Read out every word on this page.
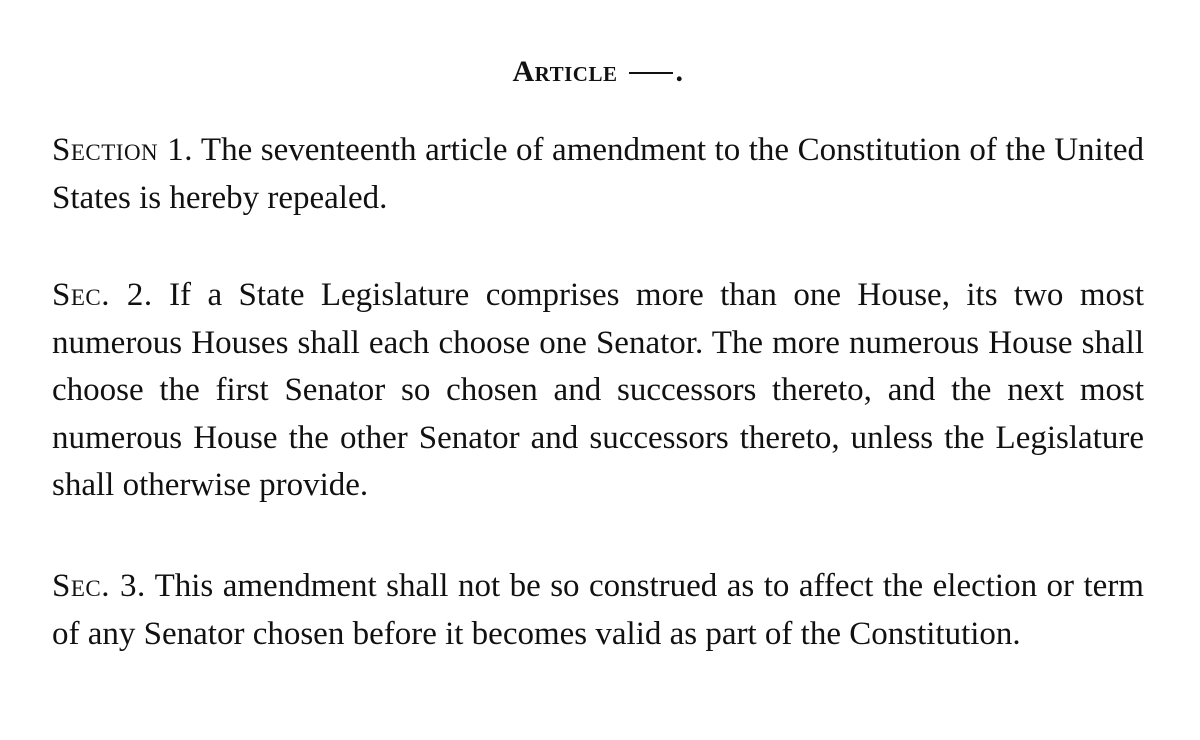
Article .

Section 1. The seventeenth article of amendment to the Constitution of the United States is hereby repealed.

Sec. 2. If a State Legislature comprises more than one House, its two most numerous Houses shall each choose one Senator. The more numerous House shall choose the first Senator so chosen and successors thereto, and the next most numerous House the other Senator and successors thereto, unless the Legislature shall otherwise provide.

Sec. 3. This amendment shall not be so construed as to affect the election or term of any Senator chosen before it becomes valid as part of the Constitution.
